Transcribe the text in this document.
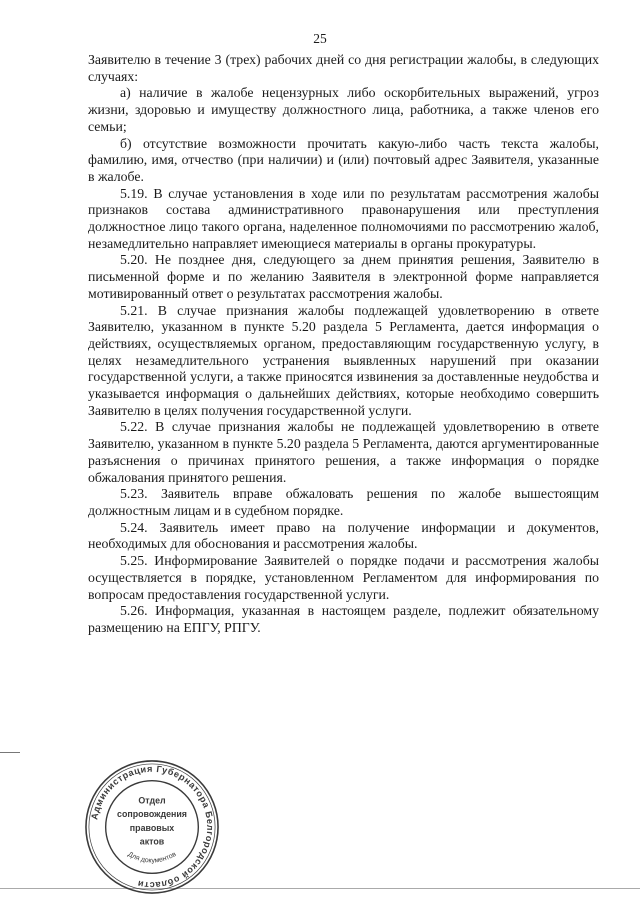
25

Заявителю в течение 3 (трех) рабочих дней со дня регистрации жалобы, в следующих случаях:

а) наличие в жалобе нецензурных либо оскорбительных выражений, угроз жизни, здоровью и имуществу должностного лица, работника, а также членов его семьи;

б) отсутствие возможности прочитать какую-либо часть текста жалобы, фамилию, имя, отчество (при наличии) и (или) почтовый адрес Заявителя, указанные в жалобе.

5.19. В случае установления в ходе или по результатам рассмотрения жалобы признаков состава административного правонарушения или преступления должностное лицо такого органа, наделенное полномочиями по рассмотрению жалоб, незамедлительно направляет имеющиеся материалы в органы прокуратуры.

5.20. Не позднее дня, следующего за днем принятия решения, Заявителю в письменной форме и по желанию Заявителя в электронной форме направляется мотивированный ответ о результатах рассмотрения жалобы.

5.21. В случае признания жалобы подлежащей удовлетворению в ответе Заявителю, указанном в пункте 5.20 раздела 5 Регламента, дается информация о действиях, осуществляемых органом, предоставляющим государственную услугу, в целях незамедлительного устранения выявленных нарушений при оказании государственной услуги, а также приносятся извинения за доставленные неудобства и указывается информация о дальнейших действиях, которые необходимо совершить Заявителю в целях получения государственной услуги.

5.22. В случае признания жалобы не подлежащей удовлетворению в ответе Заявителю, указанном в пункте 5.20 раздела 5 Регламента, даются аргументированные разъяснения о причинах принятого решения, а также информация о порядке обжалования принятого решения.

5.23. Заявитель вправе обжаловать решения по жалобе вышестоящим должностным лицам и в судебном порядке.

5.24. Заявитель имеет право на получение информации и документов, необходимых для обоснования и рассмотрения жалобы.

5.25. Информирование Заявителей о порядке подачи и рассмотрения жалобы осуществляется в порядке, установленном Регламентом для информирования по вопросам предоставления государственной услуги.

5.26. Информация, указанная в настоящем разделе, подлежит обязательному размещению на ЕПГУ, РПГУ.

Администрация Губернатора Белгородской области
Отдел
сопровождения
правовых
актов
Для документов
